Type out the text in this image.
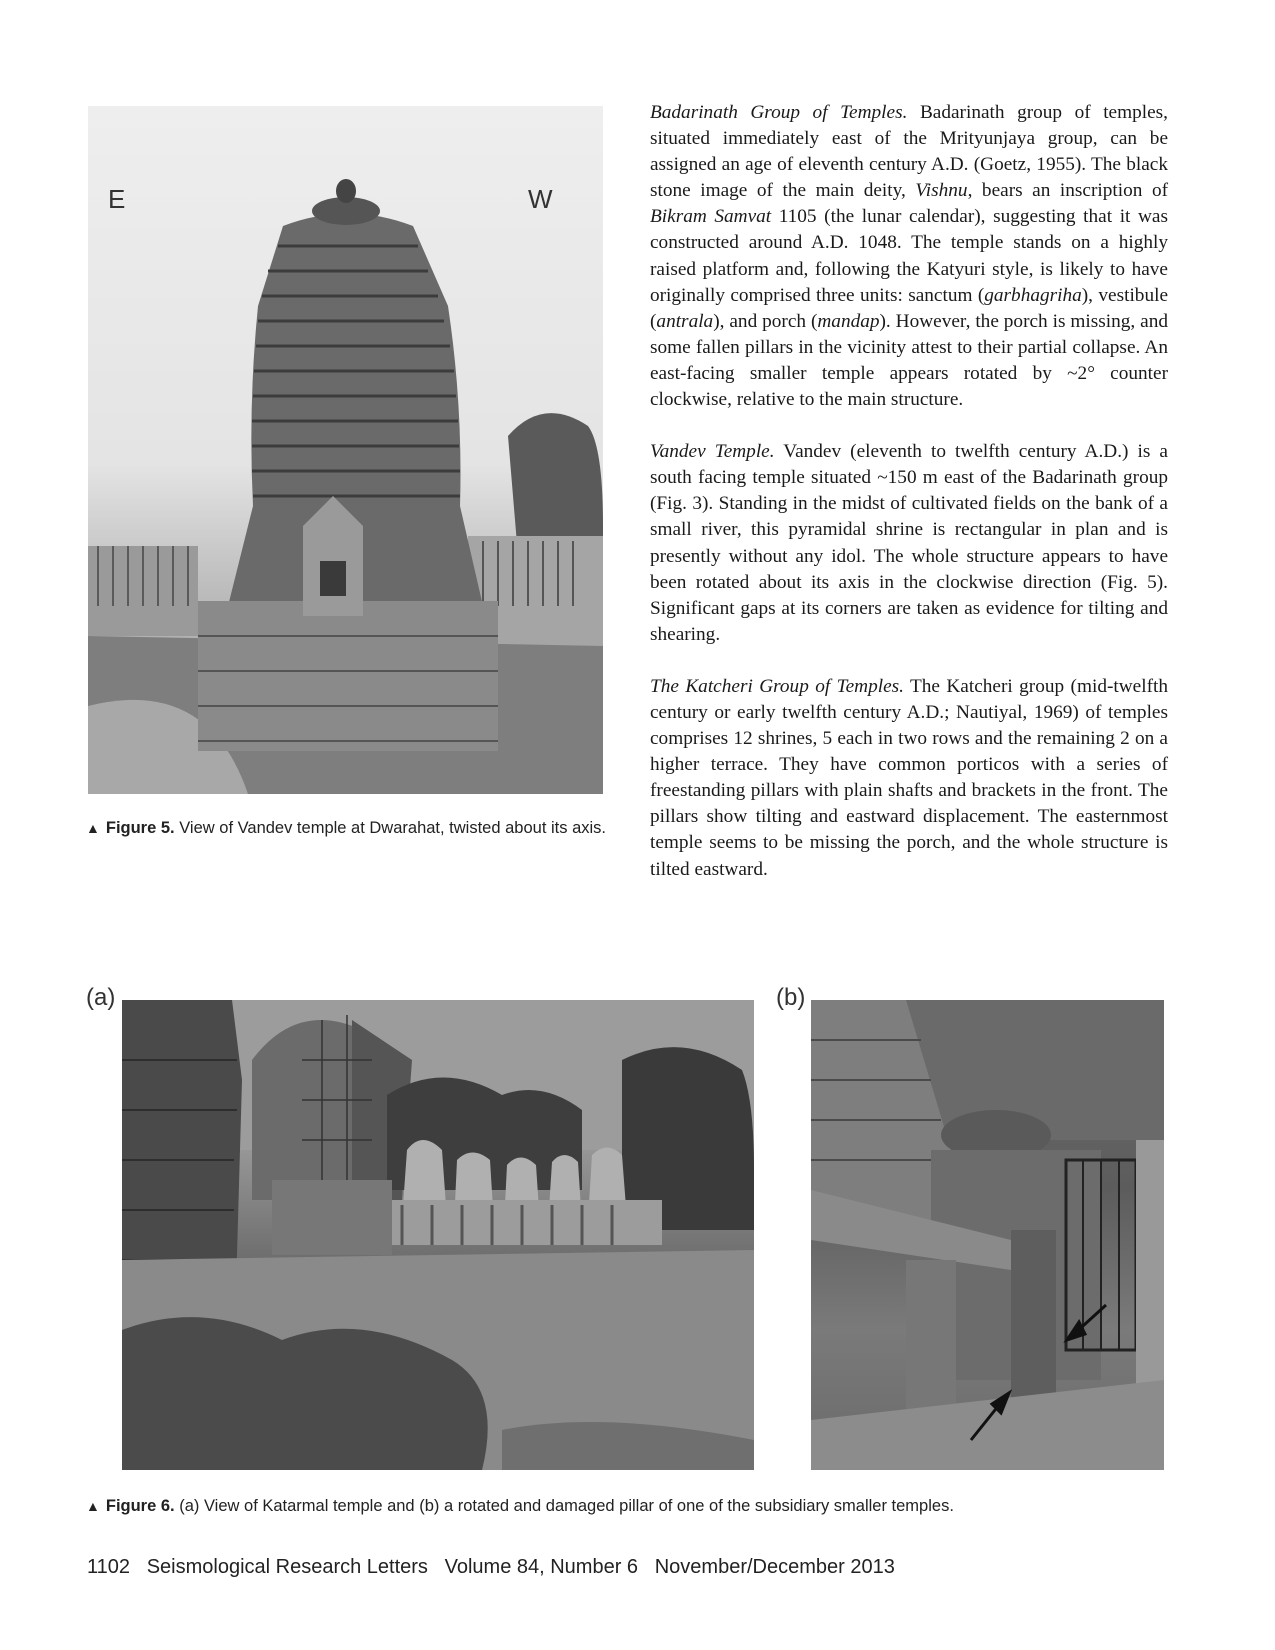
E	W
▲ Figure 5. View of Vandev temple at Dwarahat, twisted about its axis.

Badarinath Group of Temples. Badarinath group of temples, situated immediately east of the Mrityunjaya group, can be assigned an age of eleventh century A.D. (Goetz, 1955). The black stone image of the main deity, Vishnu, bears an inscription of Bikram Samvat 1105 (the lunar calendar), suggesting that it was constructed around A.D. 1048. The temple stands on a highly raised platform and, following the Katyuri style, is likely to have originally comprised three units: sanctum (garbhagriha), vestibule (antrala), and porch (mandap). However, the porch is missing, and some fallen pillars in the vicinity attest to their partial collapse. An east-facing smaller temple appears rotated by ~2° counter clockwise, relative to the main structure.

Vandev Temple. Vandev (eleventh to twelfth century A.D.) is a south facing temple situated ~150 m east of the Badarinath group (Fig. 3). Standing in the midst of cultivated fields on the bank of a small river, this pyramidal shrine is rectangular in plan and is presently without any idol. The whole structure appears to have been rotated about its axis in the clockwise direction (Fig. 5). Significant gaps at its corners are taken as evidence for tilting and shearing.

The Katcheri Group of Temples. The Katcheri group (mid-twelfth century or early twelfth century A.D.; Nautiyal, 1969) of temples comprises 12 shrines, 5 each in two rows and the remaining 2 on a higher terrace. They have common porticos with a series of freestanding pillars with plain shafts and brackets in the front. The pillars show tilting and eastward displacement. The easternmost temple seems to be missing the porch, and the whole structure is tilted eastward.

(a)	(b)
▲ Figure 6. (a) View of Katarmal temple and (b) a rotated and damaged pillar of one of the subsidiary smaller temples.
1102 Seismological Research Letters Volume 84, Number 6 November/December 2013
